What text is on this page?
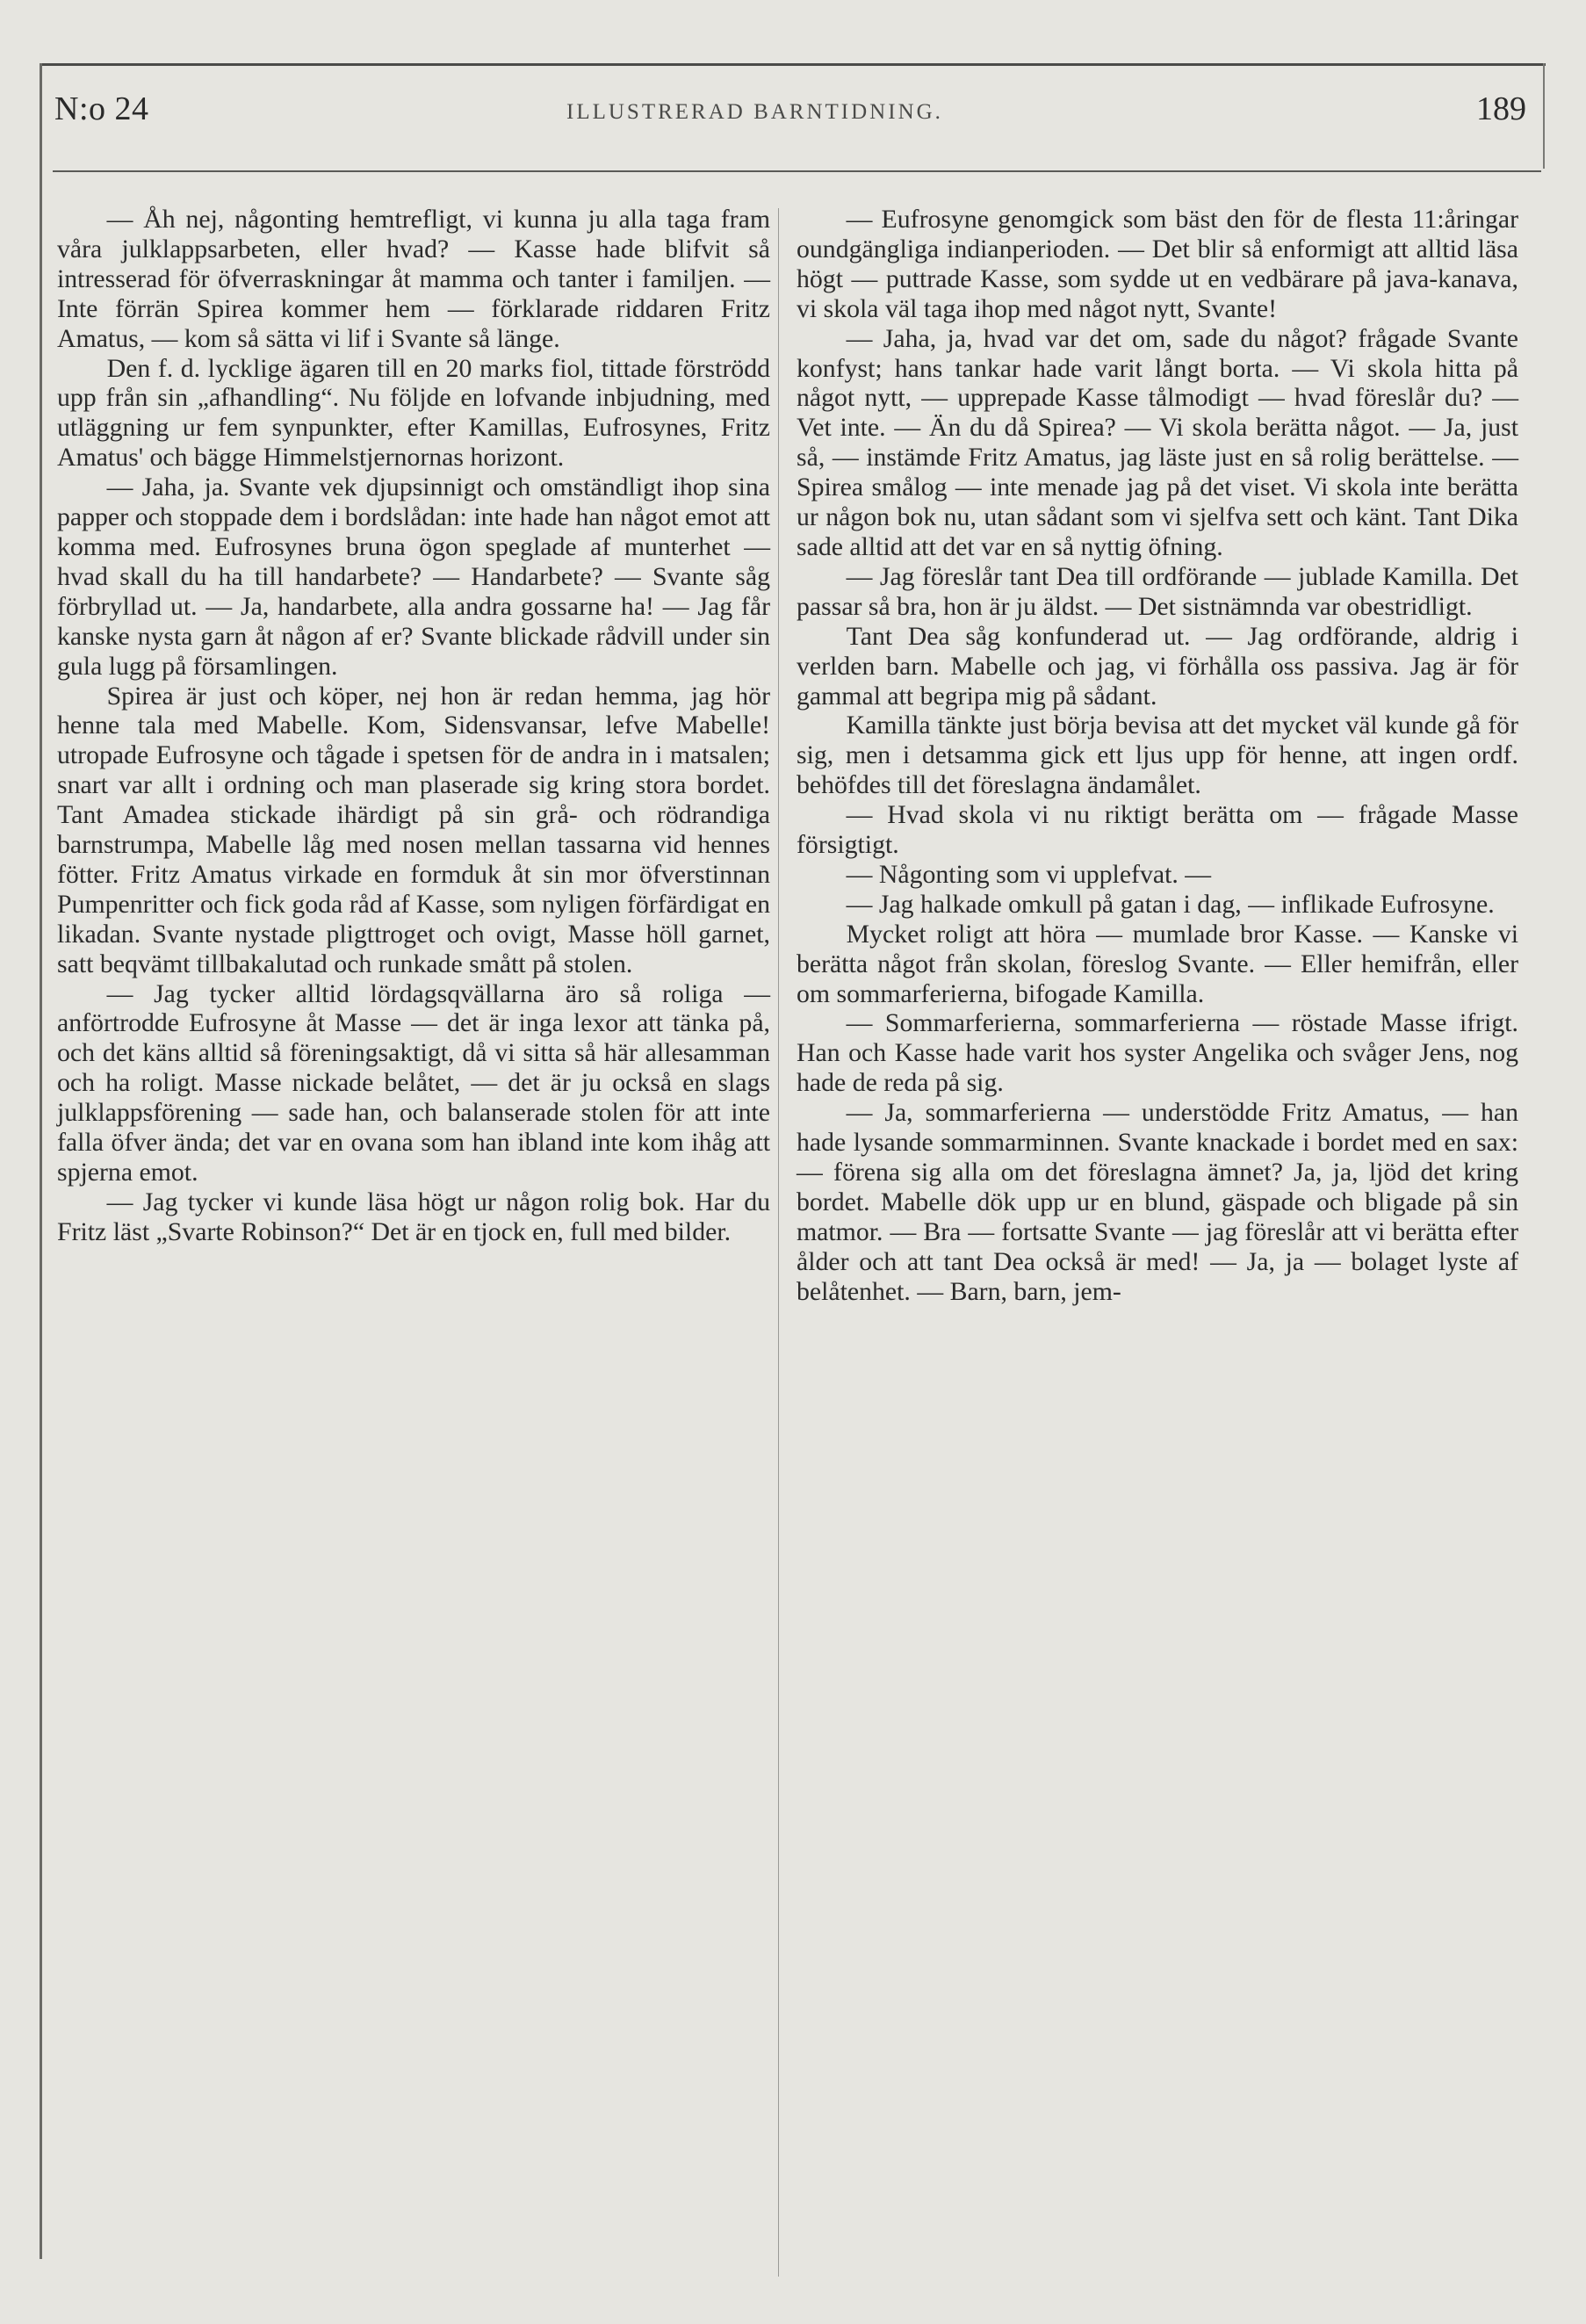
N:o 24	ILLUSTRERAD BARNTIDNING.	189

— Åh nej, någonting hemtrefligt, vi kunna ju alla taga fram våra julklappsarbeten, eller hvad? — Kasse hade blifvit så intresserad för öfverraskningar åt mamma och tanter i familjen. — Inte förrän Spirea kommer hem — förklarade riddaren Fritz Amatus, — kom så sätta vi lif i Svante så länge.

Den f. d. lycklige ägaren till en 20 marks fiol, tittade förströdd upp från sin „afhandling“. Nu följde en lofvande inbjudning, med utläggning ur fem synpunkter, efter Kamillas, Eufrosynes, Fritz Amatus' och bägge Himmelstjernornas horizont.

— Jaha, ja. Svante vek djupsinnigt och omständligt ihop sina papper och stoppade dem i bordslådan: inte hade han något emot att komma med. Eufrosynes bruna ögon speglade af munterhet — hvad skall du ha till handarbete? — Handarbete? — Svante såg förbryllad ut. — Ja, handarbete, alla andra gossarne ha! — Jag får kanske nysta garn åt någon af er? Svante blickade rådvill under sin gula lugg på församlingen.

Spirea är just och köper, nej hon är redan hemma, jag hör henne tala med Mabelle. Kom, Sidensvansar, lefve Mabelle! utropade Eufrosyne och tågade i spetsen för de andra in i matsalen; snart var allt i ordning och man plaserade sig kring stora bordet. Tant Amadea stickade ihärdigt på sin grå- och rödrandiga barnstrumpa, Mabelle låg med nosen mellan tassarna vid hennes fötter. Fritz Amatus virkade en formduk åt sin mor öfverstinnan Pumpenritter och fick goda råd af Kasse, som nyligen förfärdigat en likadan. Svante nystade pligttroget och ovigt, Masse höll garnet, satt beqvämt tillbakalutad och runkade smått på stolen.

— Jag tycker alltid lördagsqvällarna äro så roliga — anförtrodde Eufrosyne åt Masse — det är inga lexor att tänka på, och det käns alltid så föreningsaktigt, då vi sitta så här allesamman och ha roligt. Masse nickade belåtet, — det är ju också en slags julklappsförening — sade han, och balanserade stolen för att inte falla öfver ända; det var en ovana som han ibland inte kom ihåg att spjerna emot.

— Jag tycker vi kunde läsa högt ur någon rolig bok. Har du Fritz läst „Svarte Robinson?“ Det är en tjock en, full med bilder.

— Eufrosyne genomgick som bäst den för de flesta 11:åringar oundgängliga indianperioden. — Det blir så enformigt att alltid läsa högt — puttrade Kasse, som sydde ut en vedbärare på java-kanava, vi skola väl taga ihop med något nytt, Svante!

— Jaha, ja, hvad var det om, sade du något? frågade Svante konfyst; hans tankar hade varit långt borta. — Vi skola hitta på något nytt, — upprepade Kasse tålmodigt — hvad föreslår du? — Vet inte. — Än du då Spirea? — Vi skola berätta något. — Ja, just så, — instämde Fritz Amatus, jag läste just en så rolig berättelse. — Spirea smålog — inte menade jag på det viset. Vi skola inte berätta ur någon bok nu, utan sådant som vi sjelfva sett och känt. Tant Dika sade alltid att det var en så nyttig öfning.

— Jag föreslår tant Dea till ordförande — jublade Kamilla. Det passar så bra, hon är ju äldst. — Det sistnämnda var obestridligt.

Tant Dea såg konfunderad ut. — Jag ordförande, aldrig i verlden barn. Mabelle och jag, vi förhålla oss passiva. Jag är för gammal att begripa mig på sådant.

Kamilla tänkte just börja bevisa att det mycket väl kunde gå för sig, men i detsamma gick ett ljus upp för henne, att ingen ordf. behöfdes till det föreslagna ändamålet.

— Hvad skola vi nu riktigt berätta om — frågade Masse försigtigt.

— Någonting som vi upplefvat. —

— Jag halkade omkull på gatan i dag, — inflikade Eufrosyne.

Mycket roligt att höra — mumlade bror Kasse. — Kanske vi berätta något från skolan, föreslog Svante. — Eller hemifrån, eller om sommarferierna, bifogade Kamilla.

— Sommarferierna, sommarferierna — röstade Masse ifrigt. Han och Kasse hade varit hos syster Angelika och svåger Jens, nog hade de reda på sig.

— Ja, sommarferierna — understödde Fritz Amatus, — han hade lysande sommarminnen. Svante knackade i bordet med en sax: — förena sig alla om det föreslagna ämnet? Ja, ja, ljöd det kring bordet. Mabelle dök upp ur en blund, gäspade och bligade på sin matmor. — Bra — fortsatte Svante — jag föreslår att vi berätta efter ålder och att tant Dea också är med! — Ja, ja — bolaget lyste af belåtenhet. — Barn, barn, jem-
